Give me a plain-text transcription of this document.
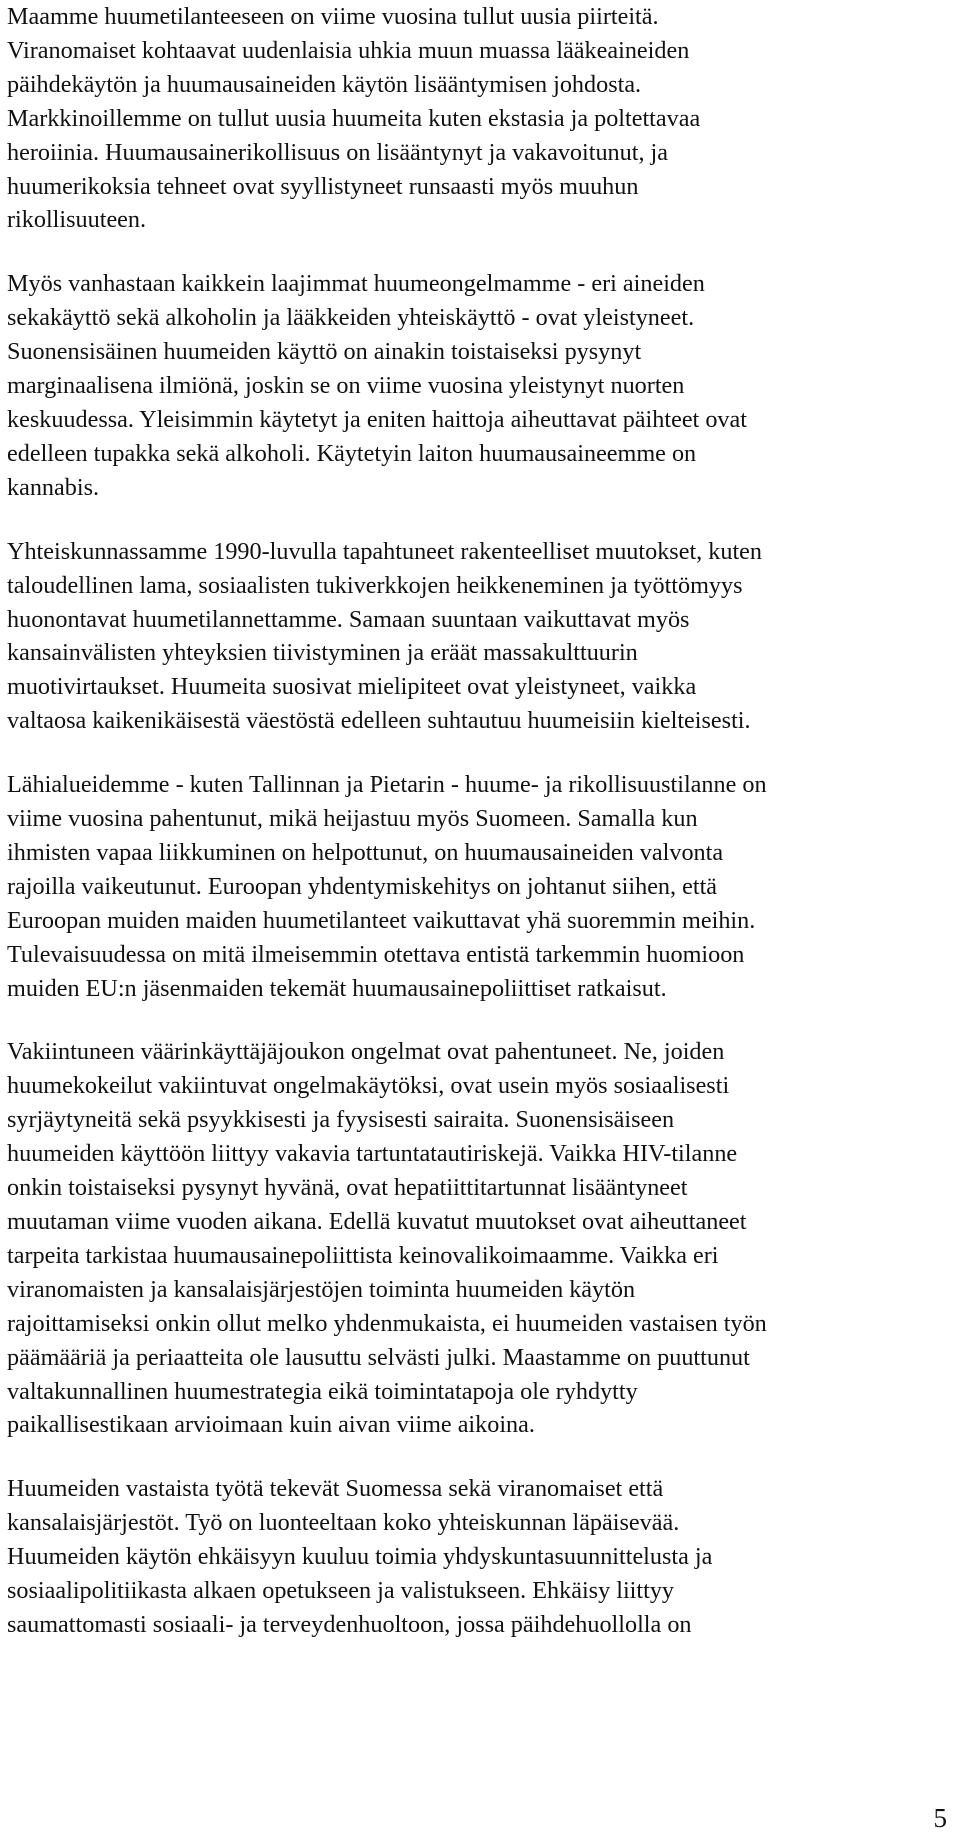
Maamme huumetilanteeseen on viime vuosina tullut uusia piirteitä.
Viranomaiset kohtaavat uudenlaisia uhkia muun muassa lääkeaineiden
päihdekäytön ja huumausaineiden käytön lisääntymisen johdosta.
Markkinoillemme on tullut uusia huumeita kuten ekstasia ja poltettavaa
heroiinia. Huumausainerikollisuus on lisääntynyt ja vakavoitunut, ja
huumerikoksia tehneet ovat syyllistyneet runsaasti myös muuhun
rikollisuuteen.

Myös vanhastaan kaikkein laajimmat huumeongelmamme - eri aineiden
sekakäyttö sekä alkoholin ja lääkkeiden yhteiskäyttö - ovat yleistyneet.
Suonensisäinen huumeiden käyttö on ainakin toistaiseksi pysynyt
marginaalisena ilmiönä, joskin se on viime vuosina yleistynyt nuorten
keskuudessa. Yleisimmin käytetyt ja eniten haittoja aiheuttavat päihteet ovat
edelleen tupakka sekä alkoholi. Käytetyin laiton huumausaineemme on
kannabis.

Yhteiskunnassamme 1990-luvulla tapahtuneet rakenteelliset muutokset, kuten
taloudellinen lama, sosiaalisten tukiverkkojen heikkeneminen ja työttömyys
huonontavat huumetilannettamme. Samaan suuntaan vaikuttavat myös
kansainvälisten yhteyksien tiivistyminen ja eräät massakulttuurin
muotivirtaukset. Huumeita suosivat mielipiteet ovat yleistyneet, vaikka
valtaosa kaikenikäisestä väestöstä edelleen suhtautuu huumeisiin kielteisesti.

Lähialueidemme - kuten Tallinnan ja Pietarin - huume- ja rikollisuustilanne on
viime vuosina pahentunut, mikä heijastuu myös Suomeen. Samalla kun
ihmisten vapaa liikkuminen on helpottunut, on huumausaineiden valvonta
rajoilla vaikeutunut. Euroopan yhdentymiskehitys on johtanut siihen, että
Euroopan muiden maiden huumetilanteet vaikuttavat yhä suoremmin meihin.
Tulevaisuudessa on mitä ilmeisemmin otettava entistä tarkemmin huomioon
muiden EU:n jäsenmaiden tekemät huumausainepoliittiset ratkaisut.

Vakiintuneen väärinkäyttäjäjoukon ongelmat ovat pahentuneet. Ne, joiden
huumekokeilut vakiintuvat ongelmakäytöksi, ovat usein myös sosiaalisesti
syrjäytyneitä sekä psyykkisesti ja fyysisesti sairaita. Suonensisäiseen
huumeiden käyttöön liittyy vakavia tartuntatautiriskejä. Vaikka HIV-tilanne
onkin toistaiseksi pysynyt hyvänä, ovat hepatiittitartunnat lisääntyneet
muutaman viime vuoden aikana. Edellä kuvatut muutokset ovat aiheuttaneet
tarpeita tarkistaa huumausainepoliittista keinovalikoimaamme. Vaikka eri
viranomaisten ja kansalaisjärjestöjen toiminta huumeiden käytön
rajoittamiseksi onkin ollut melko yhdenmukaista, ei huumeiden vastaisen työn
päämääriä ja periaatteita ole lausuttu selvästi julki. Maastamme on puuttunut
valtakunnallinen huumestrategia eikä toimintatapoja ole ryhdytty
paikallisestikaan arvioimaan kuin aivan viime aikoina.

Huumeiden vastaista työtä tekevät Suomessa sekä viranomaiset että
kansalaisjärjestöt. Työ on luonteeltaan koko yhteiskunnan läpäisevää.
Huumeiden käytön ehkäisyyn kuuluu toimia yhdyskuntasuunnittelusta ja
sosiaalipolitiikasta alkaen opetukseen ja valistukseen. Ehkäisy liittyy
saumattomasti sosiaali- ja terveydenhuoltoon, jossa päihdehuollolla on

5
